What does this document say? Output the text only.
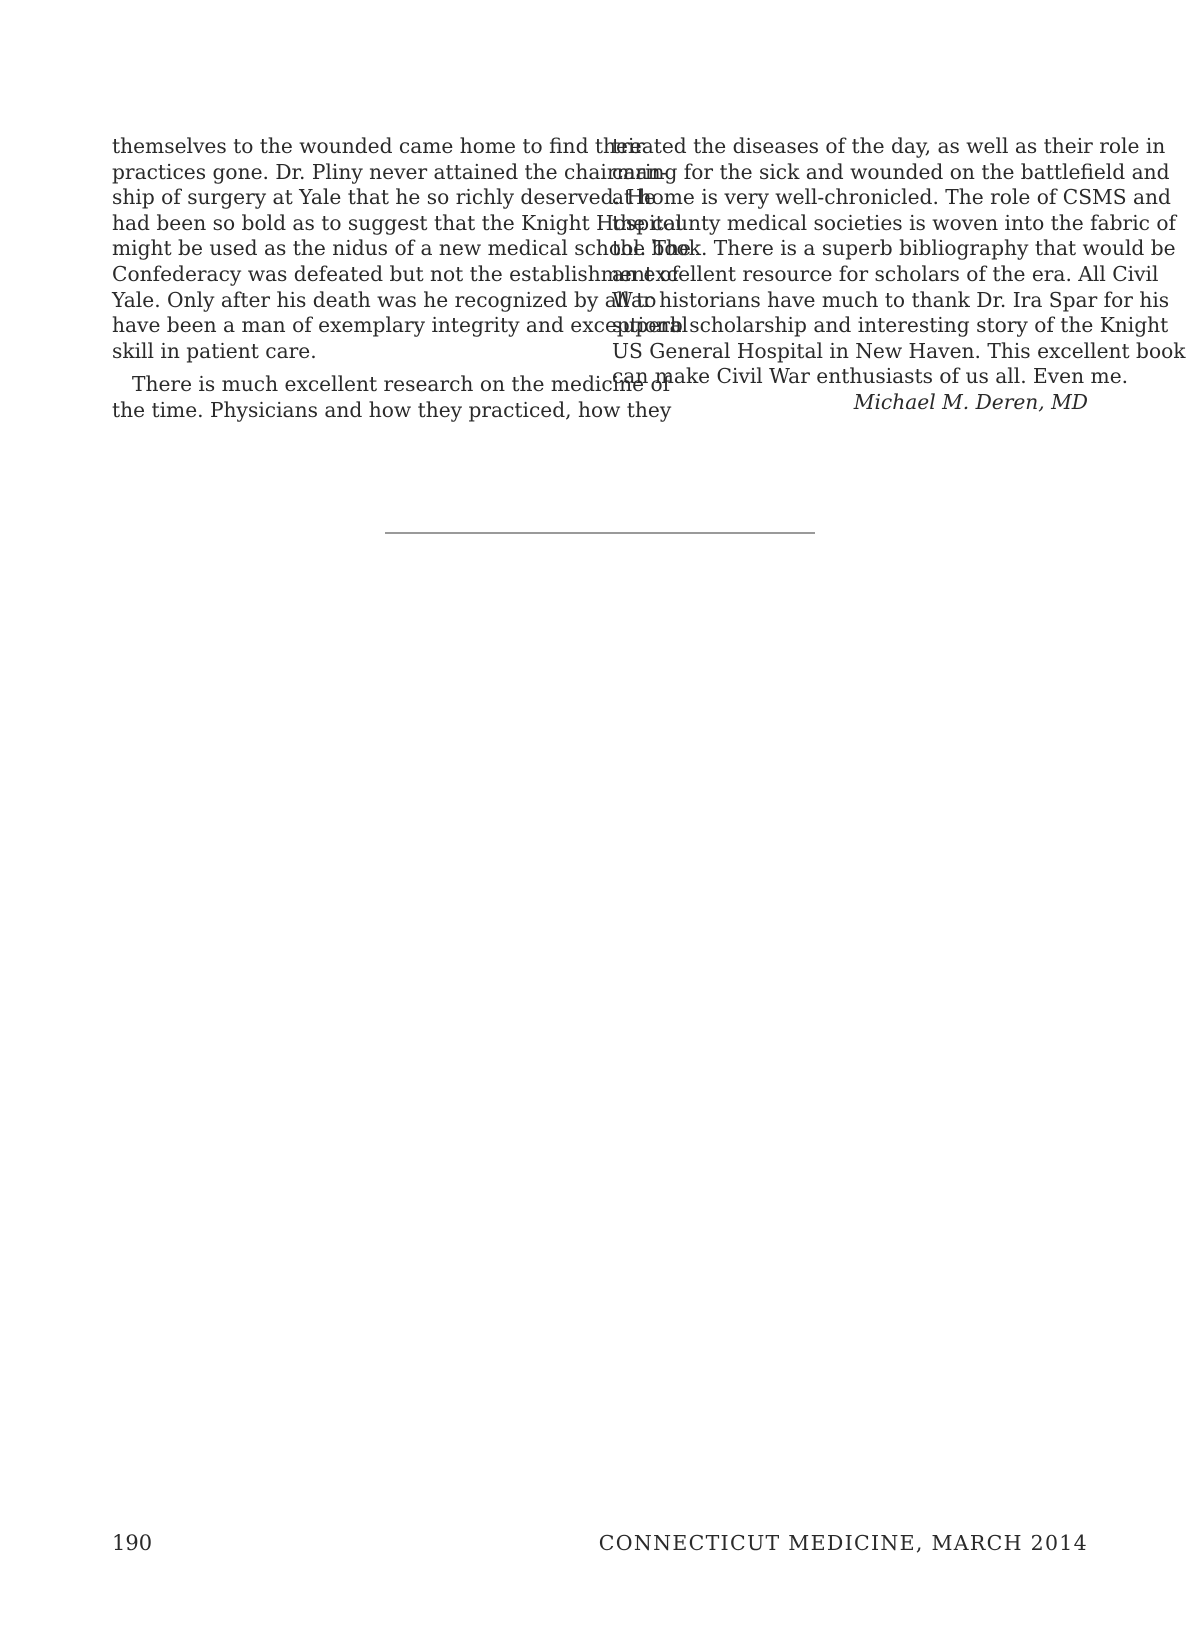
themselves to the wounded came home to find their
practices gone. Dr. Pliny never attained the chairman-
ship of surgery at Yale that he so richly deserved. He
had been so bold as to suggest that the Knight Hospital
might be used as the nidus of a new medical school. The
Confederacy was defeated but not the establishment of
Yale. Only after his death was he recognized by all to
have been a man of exemplary integrity and exceptional
skill in patient care.
There is much excellent research on the medicine of
the time. Physicians and how they practiced, how they
treated the diseases of the day, as well as their role in
caring for the sick and wounded on the battlefield and
at home is very well-chronicled. The role of CSMS and
the county medical societies is woven into the fabric of
the book. There is a superb bibliography that would be
an excellent resource for scholars of the era. All Civil
War historians have much to thank Dr. Ira Spar for his
superb scholarship and interesting story of the Knight
US General Hospital in New Haven. This excellent book
can make Civil War enthusiasts of us all. Even me.
Michael M. Deren, MD
190	CONNECTICUT MEDICINE, MARCH 2014
